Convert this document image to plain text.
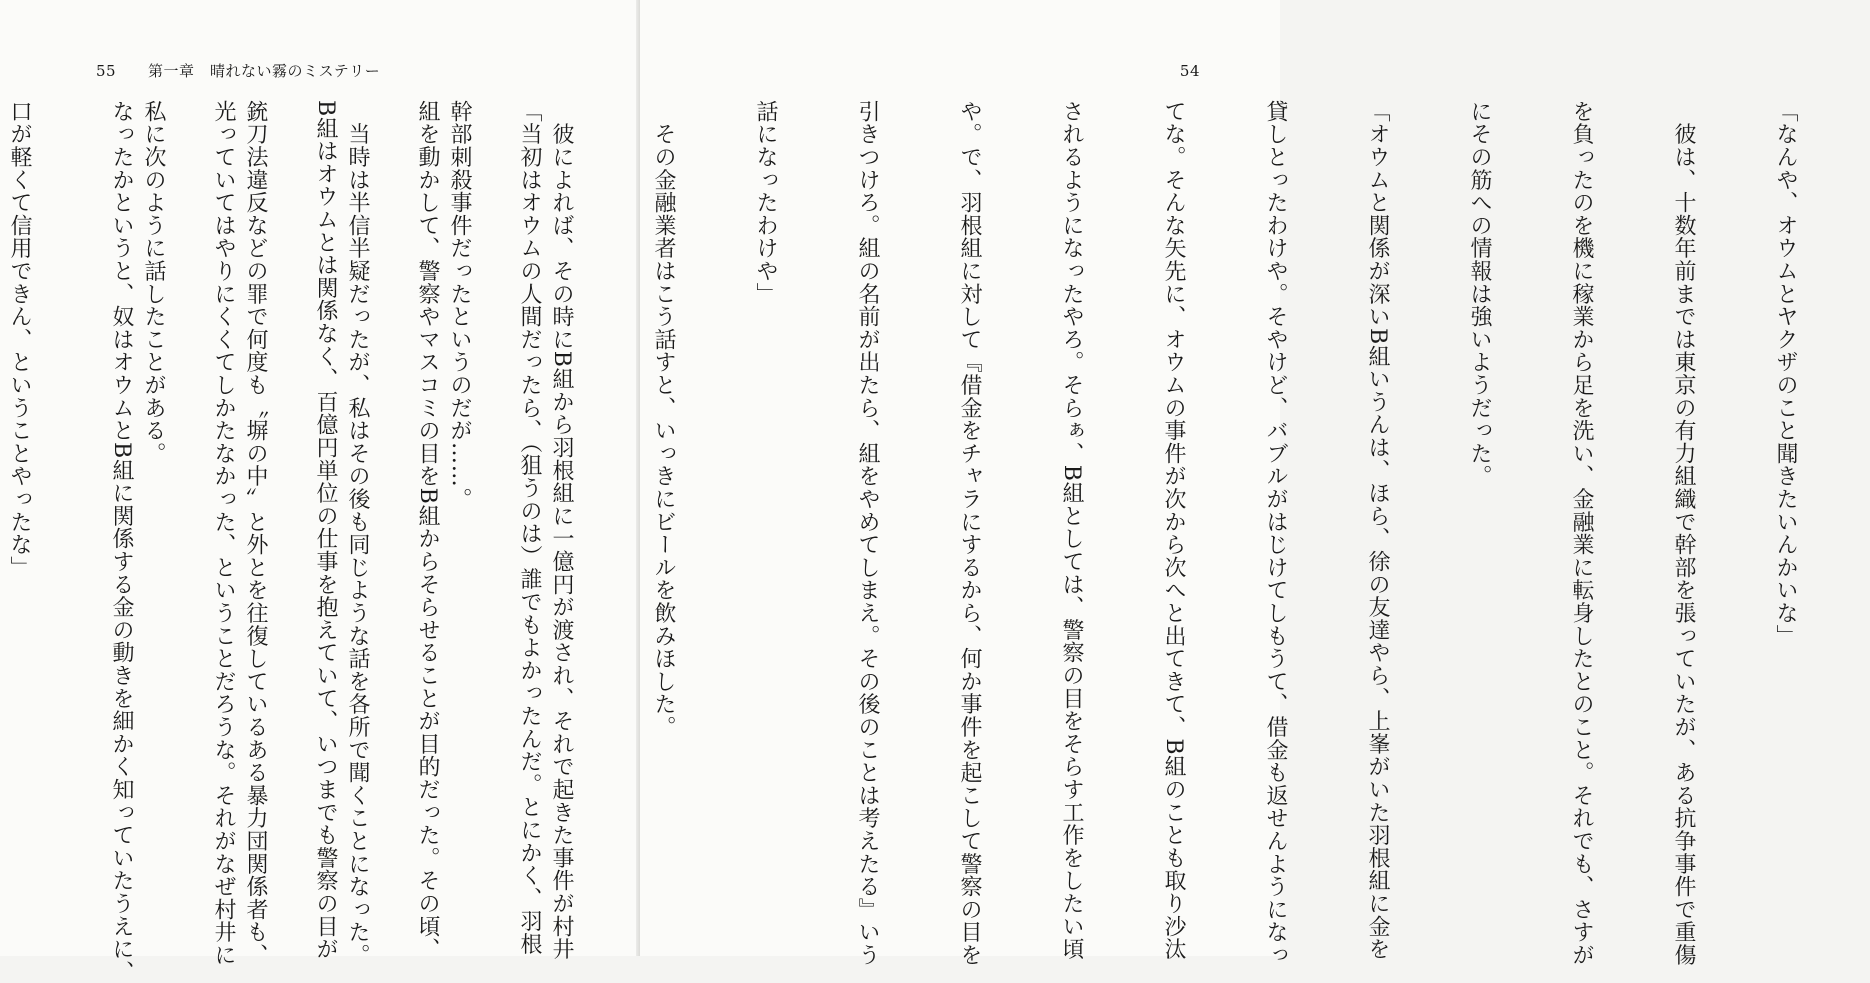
55 第一章　晴れない霧のミステリー

「当初はオウムの人間だったら、（狙うのは）誰でもよかったんだ。とにかく、羽根

組を動かして、警察やマスコミの目をB組からそらせることが目的だった。その頃、

B組はオウムとは関係なく、百億円単位の仕事を抱えていて、いつまでも警察の目が

光っていてはやりにくくてしかたなかった、ということだろうな。それがなぜ村井に

なったかというと、奴はオウムとB組に関係する金の動きを細かく知っていたうえに、

口が軽くて信用できん、ということやったな」

54

「なんや、オウムとヤクザのこと聞きたいんかいな」

　彼は、十数年前までは東京の有力組織で幹部を張っていたが、ある抗争事件で重傷

を負ったのを機に稼業から足を洗い、金融業に転身したとのこと。それでも、さすが

にその筋への情報は強いようだった。

「オウムと関係が深いB組いうんは、ほら、徐の友達やら、上峯がいた羽根組に金を

貸しとったわけや。そやけど、バブルがはじけてしもうて、借金も返せんようになっ

てな。そんな矢先に、オウムの事件が次から次へと出てきて、B組のことも取り沙汰

されるようになったやろ。そらぁ、B組としては、警察の目をそらす工作をしたい頃

や。で、羽根組に対して『借金をチャラにするから、何か事件を起こして警察の目を

引きつけろ。組の名前が出たら、組をやめてしまえ。その後のことは考えたる』いう

話になったわけや」

　その金融業者はこう話すと、いっきにビールを飲みほした。

　彼によれば、その時にB組から羽根組に一億円が渡され、それで起きた事件が村井

幹部刺殺事件だったというのだが……。

　当時は半信半疑だったが、私はその後も同じような話を各所で聞くことになった。

銃刀法違反などの罪で何度も〝塀の中〟と外とを往復しているある暴力団関係者も、

私に次のように話したことがある。
